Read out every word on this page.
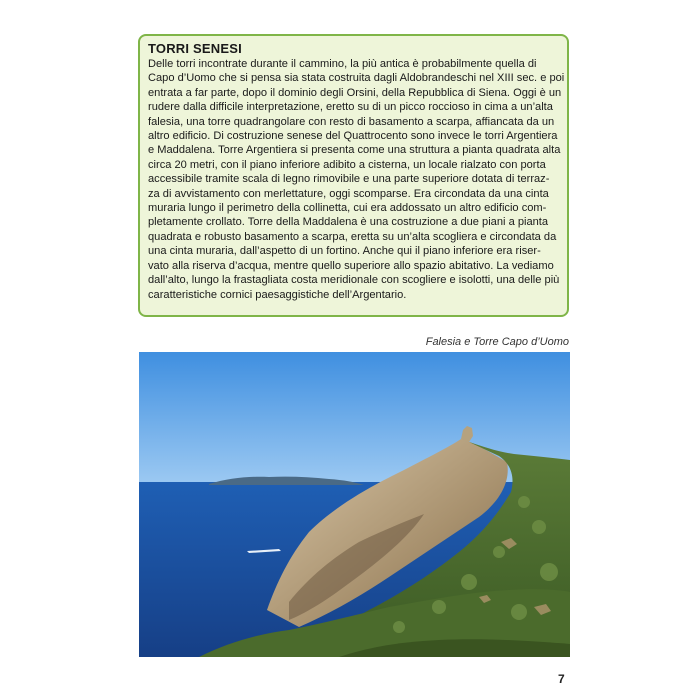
TORRI SENESI
Delle torri incontrate durante il cammino, la più antica è probabilmente quella di
Capo d’Uomo che si pensa sia stata costruita dagli Aldobrandeschi nel XIII sec. e poi
entrata a far parte, dopo il dominio degli Orsini, della Repubblica di Siena. Oggi è un
rudere dalla difficile interpretazione, eretto su di un picco roccioso in cima a un’alta
falesia, una torre quadrangolare con resto di basamento a scarpa, affiancata da un
altro edificio. Di costruzione senese del Quattrocento sono invece le torri Argentiera
e Maddalena. Torre Argentiera si presenta come una struttura a pianta quadrata alta
circa 20 metri, con il piano inferiore adibito a cisterna, un locale rialzato con porta
accessibile tramite scala di legno rimovibile e una parte superiore dotata di terraz-
za di avvistamento con merlettature, oggi scomparse. Era circondata da una cinta
muraria lungo il perimetro della collinetta, cui era addossato un altro edificio com-
pletamente crollato. Torre della Maddalena è una costruzione a due piani a pianta
quadrata e robusto basamento a scarpa, eretta su un’alta scogliera e circondata da
una cinta muraria, dall’aspetto di un fortino. Anche qui il piano inferiore era riser-
vato alla riserva d’acqua, mentre quello superiore allo spazio abitativo. La vediamo
dall’alto, lungo la frastagliata costa meridionale con scogliere e isolotti, una delle più
caratteristiche cornici paesaggistiche dell’Argentario.
Falesia e Torre Capo d’Uomo
7
